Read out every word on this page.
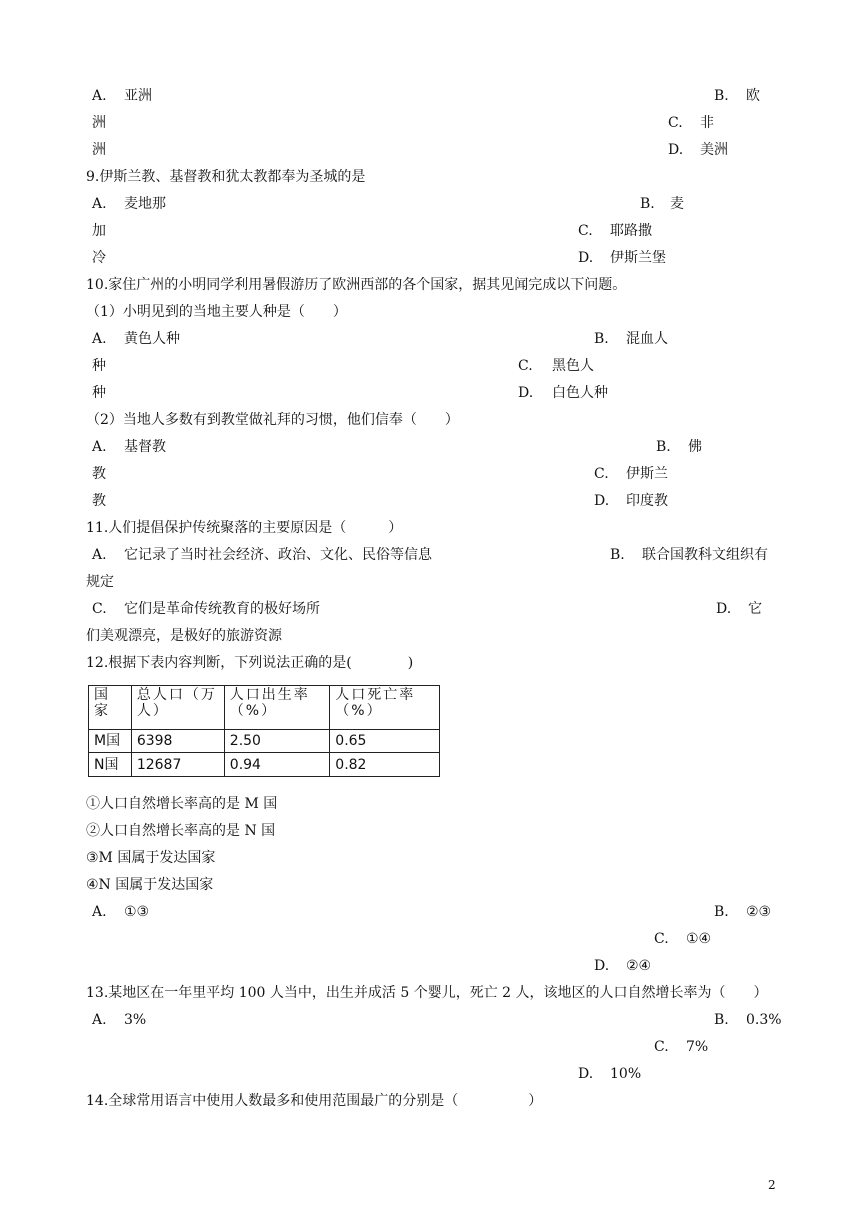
A. 亚洲	B. 欧
洲	C. 非
洲	D. 美洲
9.伊斯兰教、基督教和犹太教都奉为圣城的是
A. 麦地那	B. 麦
加	C. 耶路撒
冷	D. 伊斯兰堡
10.家住广州的小明同学利用暑假游历了欧洲西部的各个国家，据其见闻完成以下问题。
（1）小明见到的当地主要人种是（　　）
A. 黄色人种	B. 混血人
种	C. 黑色人
种	D. 白色人种
（2）当地人多数有到教堂做礼拜的习惯，他们信奉（　　）
A. 基督教	B. 佛
教	C. 伊斯兰
教	D. 印度教
11.人们提倡保护传统聚落的主要原因是（　　　）
A. 它记录了当时社会经济、政治、文化、民俗等信息	B. 联合国教科文组织有
规定
C. 它们是革命传统教育的极好场所	D. 它
们美观漂亮，是极好的旅游资源
12.根据下表内容判断，下列说法正确的是(　　　　)
国家	总人口（万人）	人口出生率（%）	人口死亡率（%）
M国	6398	2.50	0.65
N国	12687	0.94	0.82
①人口自然增长率高的是 M 国
②人口自然增长率高的是 N 国
③M 国属于发达国家
④N 国属于发达国家
A. ①③	B. ②③
C. ①④
D. ②④
13.某地区在一年里平均 100 人当中，出生并成活 5 个婴儿，死亡 2 人，该地区的人口自然增长率为（　　）
A. 3%	B. 0.3%
C. 7%
D. 10%
14.全球常用语言中使用人数最多和使用范围最广的分别是（　　　　　）
2
